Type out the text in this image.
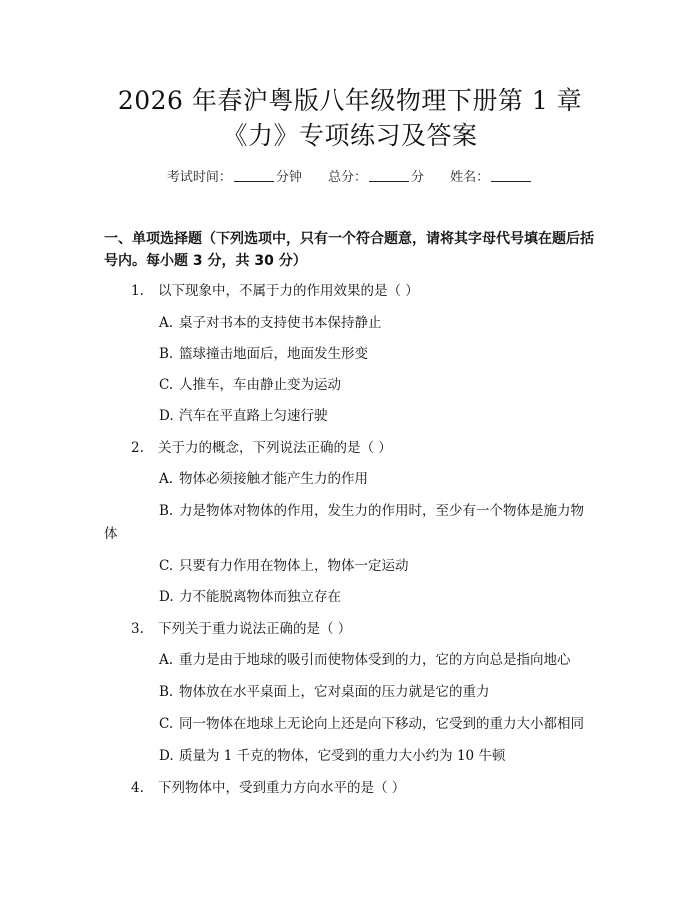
2026 年春沪粤版八年级物理下册第 1 章
《力》专项练习及答案
考试时间：	分钟 总分：	分 姓名：
一、单项选择题（下列选项中，只有一个符合题意，请将其字母代号填在题后括
号内。每小题 3 分，共 30 分）
1. 以下现象中，不属于力的作用效果的是（ ）
A. 桌子对书本的支持使书本保持静止
B. 篮球撞击地面后，地面发生形变
C. 人推车，车由静止变为运动
D. 汽车在平直路上匀速行驶
2. 关于力的概念，下列说法正确的是（ ）
A. 物体必须接触才能产生力的作用
B. 力是物体对物体的作用，发生力的作用时，至少有一个物体是施力物
体
C. 只要有力作用在物体上，物体一定运动
D. 力不能脱离物体而独立存在
3. 下列关于重力说法正确的是（ ）
A. 重力是由于地球的吸引而使物体受到的力，它的方向总是指向地心
B. 物体放在水平桌面上，它对桌面的压力就是它的重力
C. 同一物体在地球上无论向上还是向下移动，它受到的重力大小都相同
D. 质量为 1 千克的物体，它受到的重力大小约为 10 牛顿
4. 下列物体中，受到重力方向水平的是（ ）
